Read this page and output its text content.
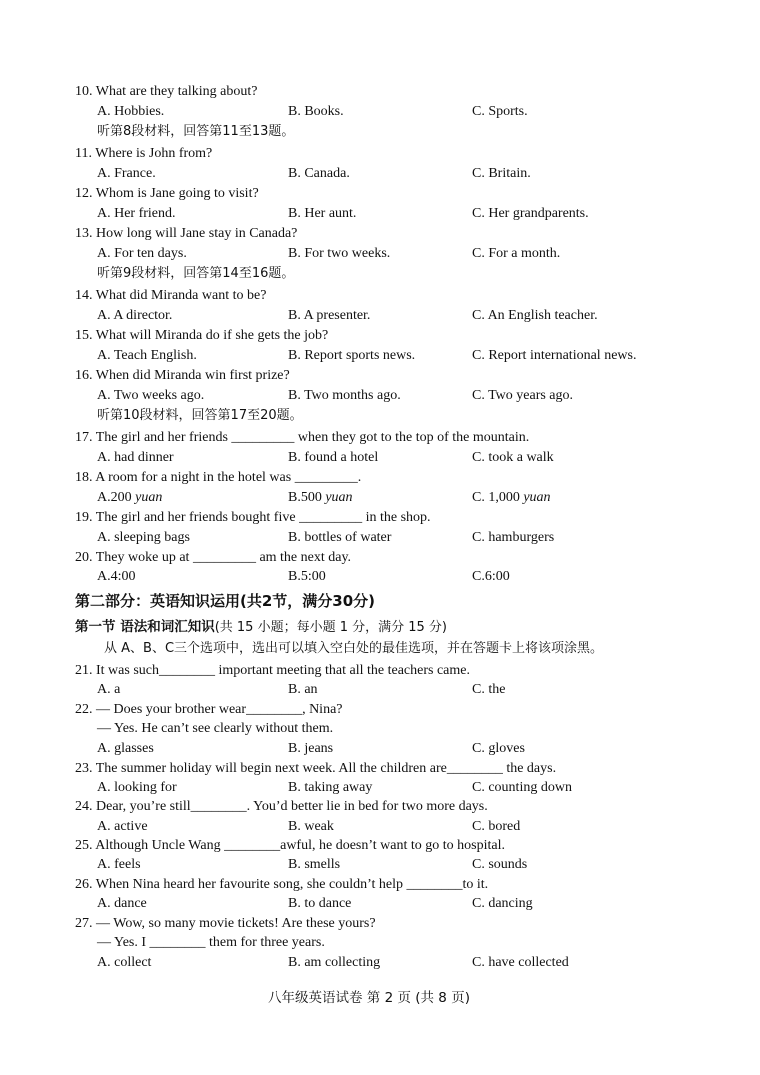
10. What are they talking about?
A. Hobbies.	B. Books.	C. Sports.
听第8段材料，回答第11至13题。
11. Where is John from?
A. France.	B. Canada.	C. Britain.
12. Whom is Jane going to visit?
A. Her friend.	B. Her aunt.	C. Her grandparents.
13. How long will Jane stay in Canada?
A. For ten days.	B. For two weeks.	C. For a month.
听第9段材料，回答第14至16题。
14. What did Miranda want to be?
A. A director.	B. A presenter.	C. An English teacher.
15. What will Miranda do if she gets the job?
A. Teach English.	B. Report sports news.	C. Report international news.
16. When did Miranda win first prize?
A. Two weeks ago.	B. Two months ago.	C. Two years ago.
听第10段材料，回答第17至20题。
17. The girl and her friends _________ when they got to the top of the mountain.
A. had dinner	B. found a hotel	C. took a walk
18. A room for a night in the hotel was _________.
A.200 yuan	B.500 yuan	C. 1,000 yuan
19. The girl and her friends bought five _________ in the shop.
A. sleeping bags	B. bottles of water	C. hamburgers
20. They woke up at _________ am the next day.
A.4:00	B.5:00	C.6:00
第二部分：英语知识运用(共2节，满分30分)
第一节 语法和词汇知识(共 15 小题；每小题 1 分，满分 15 分)
从 A、B、C三个选项中，选出可以填入空白处的最佳选项，并在答题卡上将该项涂黑。
21. It was such________ important meeting that all the teachers came.
A. a	B. an	C. the
22. — Does your brother wear________, Nina?
— Yes. He can’t see clearly without them.
A. glasses	B. jeans	C. gloves
23. The summer holiday will begin next week. All the children are________ the days.
A. looking for	B. taking away	C. counting down
24. Dear, you’re still________. You’d better lie in bed for two more days.
A. active	B. weak	C. bored
25. Although Uncle Wang ________awful, he doesn’t want to go to hospital.
A. feels	B. smells	C. sounds
26. When Nina heard her favourite song, she couldn’t help ________to it.
A. dance	B. to dance	C. dancing
27. — Wow, so many movie tickets! Are these yours?
— Yes. I ________ them for three years.
A. collect	B. am collecting	C. have collected
八年级英语试卷 第 2 页 (共 8 页)
